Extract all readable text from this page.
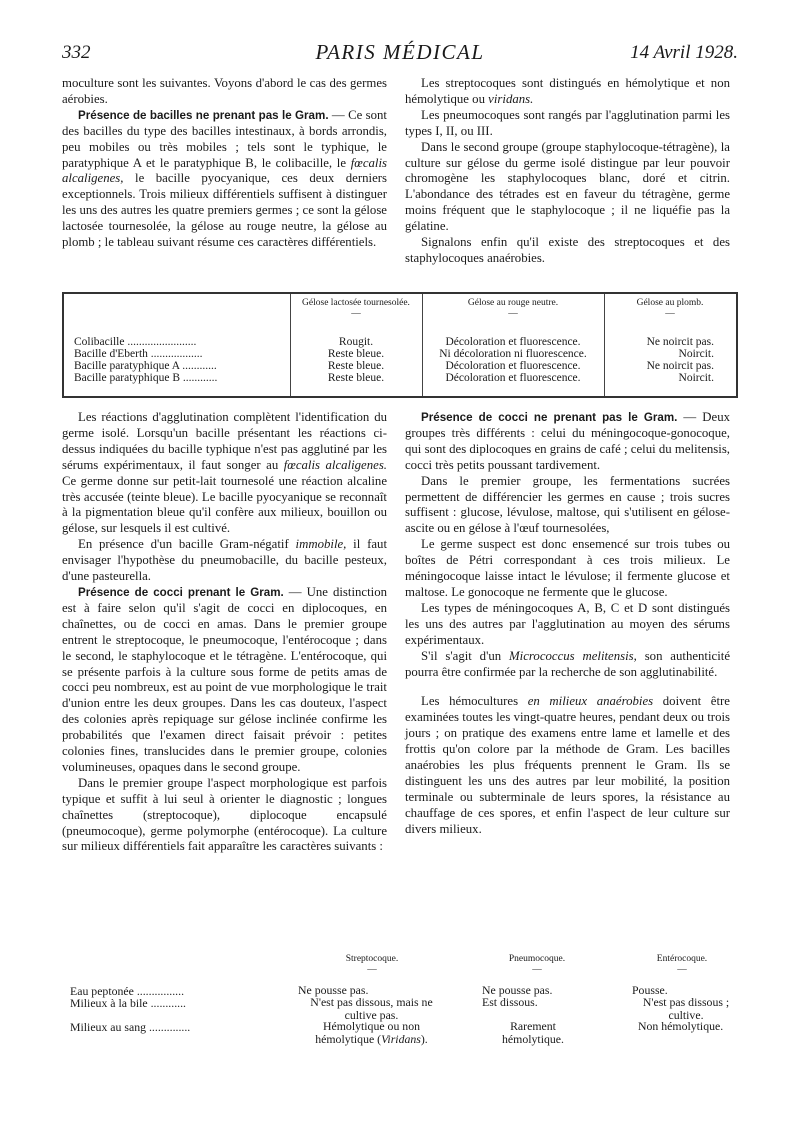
332	PARIS MÉDICAL	14 Avril 1928.

moculture sont les suivantes. Voyons d'abord le cas des germes aérobies.

Présence de bacilles ne prenant pas le Gram. — Ce sont des bacilles du type des bacilles intestinaux, à bords arrondis, peu mobiles ou très mobiles ; tels sont le typhique, le paratyphique A et le paratyphique B, le colibacille, le fœcalis alcaligenes, le bacille pyocyanique, ces deux derniers exceptionnels. Trois milieux différentiels suffisent à distinguer les uns des autres les quatre premiers germes ; ce sont la gélose lactosée tournesolée, la gélose au rouge neutre, la gélose au plomb ; le tableau suivant résume ces caractères différentiels.

Les streptocoques sont distingués en hémolytique et non hémolytique ou viridans.

Les pneumocoques sont rangés par l'agglutination parmi les types I, II, ou III.

Dans le second groupe (groupe staphylocoque-tétragène), la culture sur gélose du germe isolé distingue par leur pouvoir chromogène les staphylocoques blanc, doré et citrin. L'abondance des tétrades est en faveur du tétragène, germe moins fréquent que le staphylocoque ; il ne liquéfie pas la gélatine.

Signalons enfin qu'il existe des streptocoques et des staphylocoques anaérobies.

Gélose lactosée tournesolée.
—
Gélose au rouge neutre.
—
Gélose au plomb.
—
Colibacille ........................
Bacille d'Eberth ..................
Bacille paratyphique A ............
Bacille paratyphique B ............
Rougit.
Reste bleue.
Reste bleue.
Reste bleue.
Décoloration et fluorescence.
Ni décoloration ni fluorescence.
Décoloration et fluorescence.
Décoloration et fluorescence.
Ne noircit pas.
Noircit.
Ne noircit pas.
Noircit.

Les réactions d'agglutination complètent l'identification du germe isolé. Lorsqu'un bacille présentant les réactions ci-dessus indiquées du bacille typhique n'est pas agglutiné par les sérums expérimentaux, il faut songer au fœcalis alcaligenes. Ce germe donne sur petit-lait tournesolé une réaction alcaline très accusée (teinte bleue). Le bacille pyocyanique se reconnaît à la pigmentation bleue qu'il confère aux milieux, bouillon ou gélose, sur lesquels il est cultivé.

En présence d'un bacille Gram-négatif immobile, il faut envisager l'hypothèse du pneumobacille, du bacille pesteux, d'une pasteurella.

Présence de cocci prenant le Gram. — Une distinction est à faire selon qu'il s'agit de cocci en diplocoques, en chaînettes, ou de cocci en amas. Dans le premier groupe entrent le streptocoque, le pneumocoque, l'entérocoque ; dans le second, le staphylocoque et le tétragène. L'entérocoque, qui se présente parfois à la culture sous forme de petits amas de cocci peu nombreux, est au point de vue morphologique le trait d'union entre les deux groupes. Dans les cas douteux, l'aspect des colonies après repiquage sur gélose inclinée confirme les probabilités que l'examen direct faisait prévoir : petites colonies fines, translucides dans le premier groupe, colonies volumineuses, opaques dans le second groupe.

Dans le premier groupe l'aspect morphologique est parfois typique et suffit à lui seul à orienter le diagnostic ; longues chaînettes (streptocoque), diplocoque encapsulé (pneumocoque), germe polymorphe (entérocoque). La culture sur milieux différentiels fait apparaître les caractères suivants :

Présence de cocci ne prenant pas le Gram. — Deux groupes très différents : celui du méningocoque-gonocoque, qui sont des diplocoques en grains de café ; celui du melitensis, cocci très petits poussant tardivement.

Dans le premier groupe, les fermentations sucrées permettent de différencier les germes en cause ; trois sucres suffisent : glucose, lévulose, maltose, qui s'utilisent en gélose-ascite ou en gélose à l'œuf tournesolées,

Le germe suspect est donc ensemencé sur trois tubes ou boîtes de Pétri correspondant à ces trois milieux. Le méningocoque laisse intact le lévulose; il fermente glucose et maltose. Le gonocoque ne fermente que le glucose.

Les types de méningocoques A, B, C et D sont distingués les uns des autres par l'agglutination au moyen des sérums expérimentaux.

S'il s'agit d'un Micrococcus melitensis, son authenticité pourra être confirmée par la recherche de son agglutinabilité.

Les hémocultures en milieux anaérobies doivent être examinées toutes les vingt-quatre heures, pendant deux ou trois jours ; on pratique des examens entre lame et lamelle et des frottis qu'on colore par la méthode de Gram. Les bacilles anaérobies les plus fréquents prennent le Gram. Ils se distinguent les uns des autres par leur mobilité, la position terminale ou subterminale de leurs spores, la résistance au chauffage de ces spores, et enfin l'aspect de leur culture sur divers milieux.

Streptocoque.
—
Pneumocoque.
—
Entérocoque.
—
Eau peptonée ................
Milieux à la bile ............
Milieux au sang ..............
Ne pousse pas.
N'est pas dissous, mais ne cultive pas.
Hémolytique ou non hémolytique (Viridans).
Ne pousse pas.
Est dissous.
Rarement hémolytique.
Pousse.
N'est pas dissous ; cultive.
Non hémolytique.
